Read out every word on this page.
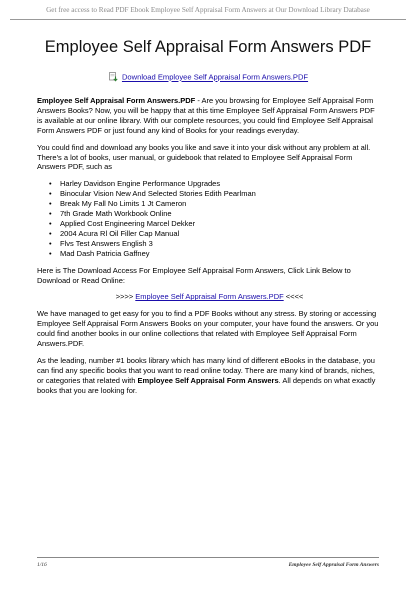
Get free access to Read PDF Ebook Employee Self Appraisal Form Answers at Our Download Library Database
Employee Self Appraisal Form Answers PDF
Download Employee Self Appraisal Form Answers.PDF

Employee Self Appraisal Form Answers.PDF - Are you browsing for Employee Self Appraisal Form Answers Books? Now, you will be happy that at this time Employee Self Appraisal Form Answers PDF is available at our online library. With our complete resources, you could find Employee Self Appraisal Form Answers PDF or just found any kind of Books for your readings everyday.

You could find and download any books you like and save it into your disk without any problem at all. There's a lot of books, user manual, or guidebook that related to Employee Self Appraisal Form Answers PDF, such as

• Harley Davidson Engine Performance Upgrades
• Binocular Vision New And Selected Stories Edith Pearlman
• Break My Fall No Limits 1 Jt Cameron
• 7th Grade Math Workbook Online
• Applied Cost Engineering Marcel Dekker
• 2004 Acura Rl Oil Filler Cap Manual
• Flvs Test Answers English 3
• Mad Dash Patricia Gaffney

Here is The Download Access For Employee Self Appraisal Form Answers, Click Link Below to Download or Read Online:

>>>> Employee Self Appraisal Form Answers.PDF <<<<

We have managed to get easy for you to find a PDF Books without any stress. By storing or accessing Employee Self Appraisal Form Answers Books on your computer, your have found the answers. Or you could find another books in our online collections that related with Employee Self Appraisal Form Answers.PDF.

As the leading, number #1 books library which has many kind of different eBooks in the database, you can find any specific books that you want to read online today. There are many kind of brands, niches, or categories that related with Employee Self Appraisal Form Answers. All depends on what exactly books that you are looking for.

1/16	Employee Self Appraisal Form Answers
